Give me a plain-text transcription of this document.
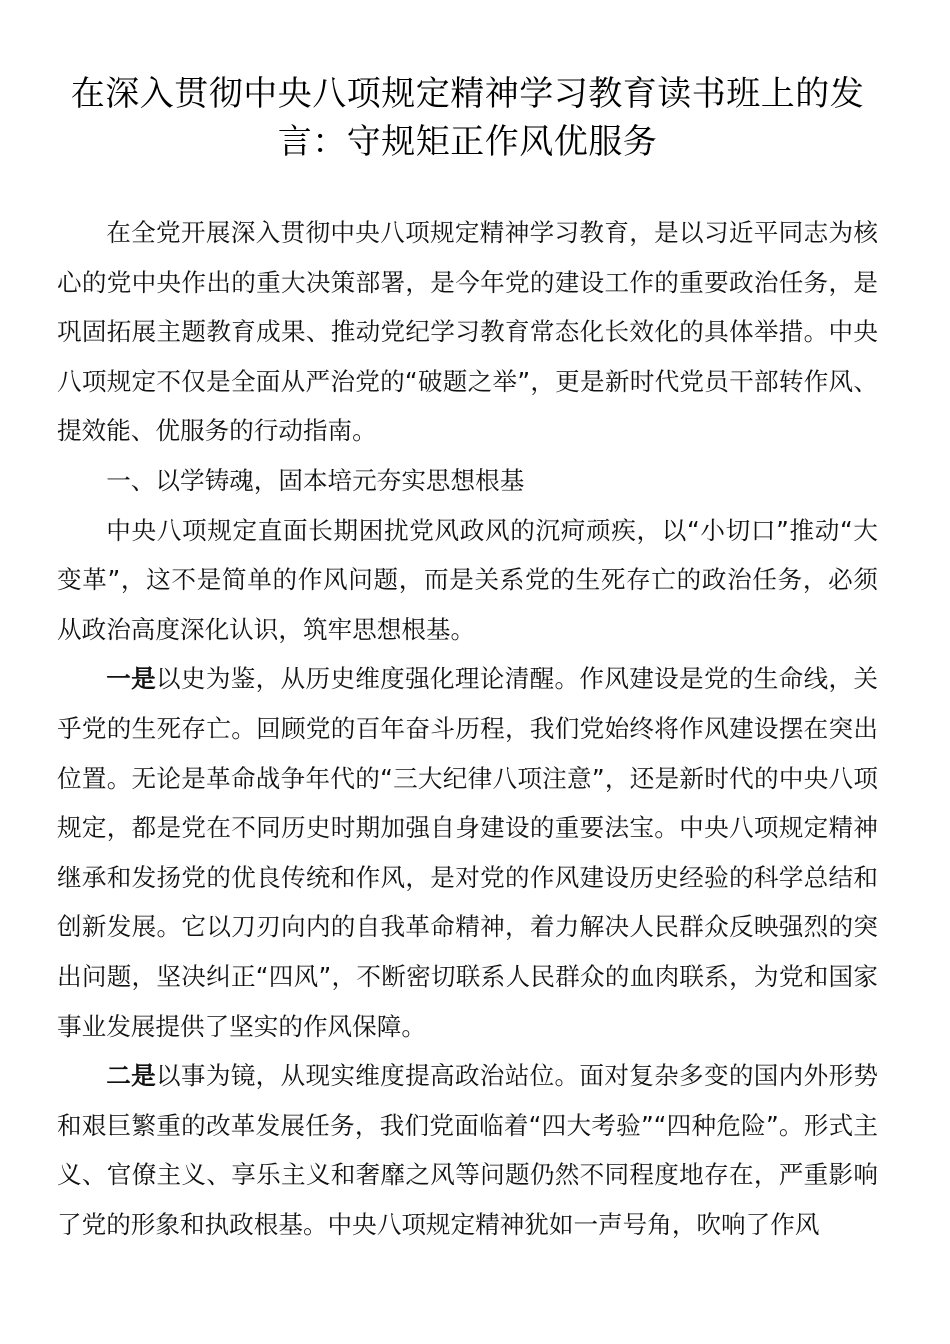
在深入贯彻中央八项规定精神学习教育读书班上的发言：守规矩正作风优服务

在全党开展深入贯彻中央八项规定精神学习教育，是以习近平同志为核心的党中央作出的重大决策部署，是今年党的建设工作的重要政治任务，是巩固拓展主题教育成果、推动党纪学习教育常态化长效化的具体举措。中央八项规定不仅是全面从严治党的“破题之举”，更是新时代党员干部转作风、提效能、优服务的行动指南。

一、以学铸魂，固本培元夯实思想根基

中央八项规定直面长期困扰党风政风的沉疴顽疾，以“小切口”推动“大变革”，这不是简单的作风问题，而是关系党的生死存亡的政治任务，必须从政治高度深化认识，筑牢思想根基。

一是以史为鉴，从历史维度强化理论清醒。作风建设是党的生命线，关乎党的生死存亡。回顾党的百年奋斗历程，我们党始终将作风建设摆在突出位置。无论是革命战争年代的“三大纪律八项注意”，还是新时代的中央八项规定，都是党在不同历史时期加强自身建设的重要法宝。中央八项规定精神继承和发扬党的优良传统和作风，是对党的作风建设历史经验的科学总结和创新发展。它以刀刃向内的自我革命精神，着力解决人民群众反映强烈的突出问题，坚决纠正“四风”，不断密切联系人民群众的血肉联系，为党和国家事业发展提供了坚实的作风保障。

二是以事为镜，从现实维度提高政治站位。面对复杂多变的国内外形势和艰巨繁重的改革发展任务，我们党面临着“四大考验”“四种危险”。形式主义、官僚主义、享乐主义和奢靡之风等问题仍然不同程度地存在，严重影响了党的形象和执政根基。中央八项规定精神犹如一声号角，吹响了作风
